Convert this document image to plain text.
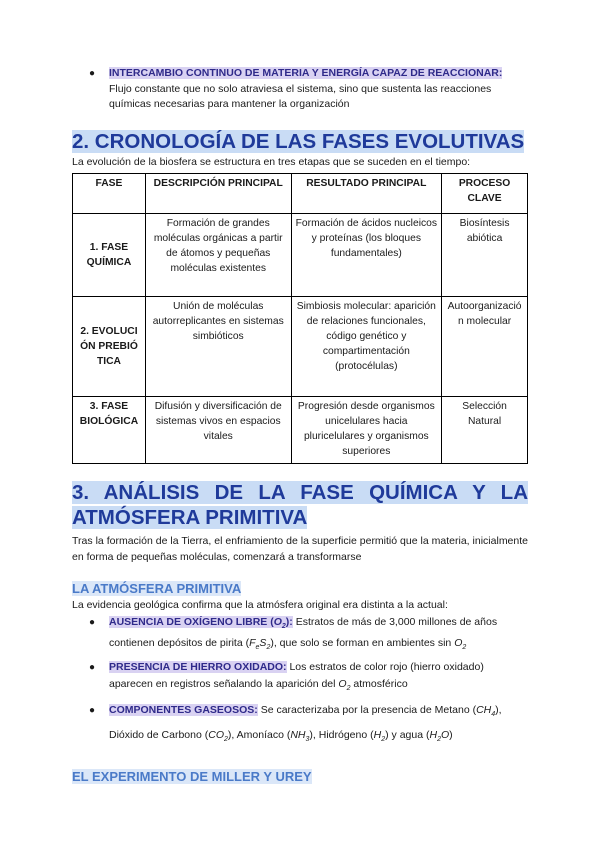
● INTERCAMBIO CONTINUO DE MATERIA Y ENERGÍA CAPAZ DE REACCIONAR: Flujo constante que no solo atraviesa el sistema, sino que sustenta las reacciones químicas necesarias para mantener la organización
2. CRONOLOGÍA DE LAS FASES EVOLUTIVAS

La evolución de la biosfera se estructura en tres etapas que se suceden en el tiempo:

FASE	DESCRIPCIÓN PRINCIPAL	RESULTADO PRINCIPAL	PROCESO CLAVE
1. FASE QUÍMICA	Formación de grandes moléculas orgánicas a partir de átomos y pequeñas moléculas existentes	Formación de ácidos nucleicos y proteínas (los bloques fundamentales)	Biosíntesis abiótica
2. EVOLUCIÓN PREBIÓTICA	Unión de moléculas autorreplicantes en sistemas simbióticos	Simbiosis molecular: aparición de relaciones funcionales, código genético y compartimentación (protocélulas)	Autoorganización molecular
3. FASE BIOLÓGICA	Difusión y diversificación de sistemas vivos en espacios vitales	Progresión desde organismos unicelulares hacia pluricelulares y organismos superiores	Selección Natural
3. ANÁLISIS DE LA FASE QUÍMICA Y LA ATMÓSFERA PRIMITIVA

Tras la formación de la Tierra, el enfriamiento de la superficie permitió que la materia, inicialmente en forma de pequeñas moléculas, comenzará a transformarse

LA ATMÓSFERA PRIMITIVA

La evidencia geológica confirma que la atmósfera original era distinta a la actual:

● AUSENCIA DE OXÍGENO LIBRE $(O_2)$: Estratos de más de 3,000 millones de años contienen depósitos de pirita $(F_eS_2)$, que solo se forman en ambientes $\sin O_2$
● PRESENCIA DE HIERRO OXIDADO: Los estratos de color rojo (hierro oxidado) aparecen en registros señalando la aparición del $O_2$ atmosférico
● COMPONENTES GASEOSOS: Se caracterizaba por la presencia de Metano $(CH_4)$, Dióxido de Carbono $(CO_2)$, Amoníaco $(NH_3)$, Hidrógeno $(H_2)$ y agua $(H_2O)$
EL EXPERIMENTO DE MILLER Y UREY
